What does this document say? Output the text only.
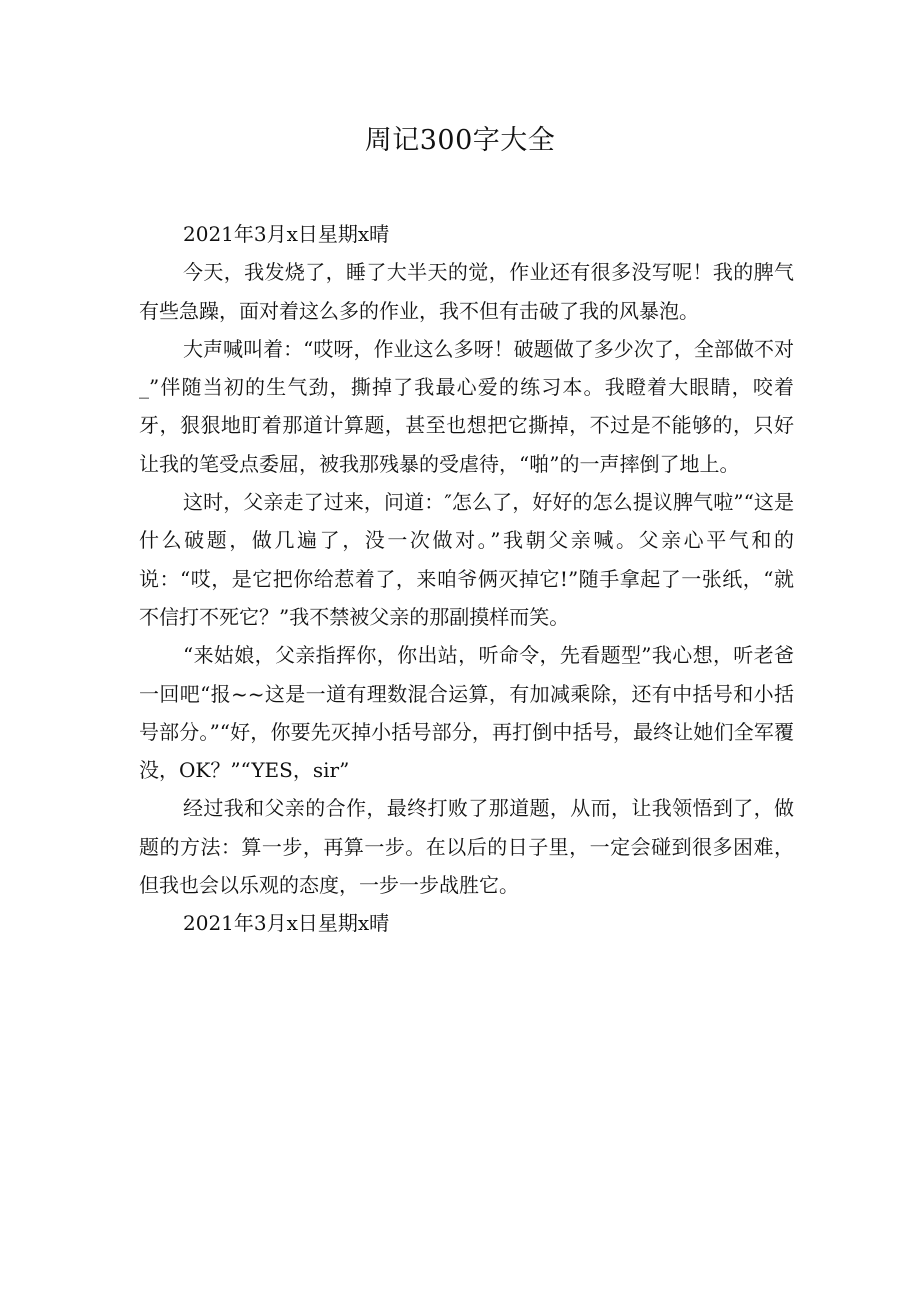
周记300字大全

2021年3月x日星期x晴

今天，我发烧了，睡了大半天的觉，作业还有很多没写呢！我的脾气有些急躁，面对着这么多的作业，我不但有击破了我的风暴泡。

大声喊叫着：“哎呀，作业这么多呀！破题做了多少次了，全部做不对_”伴随当初的生气劲，撕掉了我最心爱的练习本。我瞪着大眼睛，咬着牙，狠狠地盯着那道计算题，甚至也想把它撕掉，不过是不能够的，只好让我的笔受点委屈，被我那残暴的受虐待，“啪”的一声摔倒了地上。

这时，父亲走了过来，问道：″怎么了，好好的怎么提议脾气啦”“这是什么破题，做几遍了，没一次做对。”我朝父亲喊。父亲心平气和的说：“哎，是它把你给惹着了，来咱爷俩灭掉它!”随手拿起了一张纸，“就不信打不死它？”我不禁被父亲的那副摸样而笑。

“来姑娘，父亲指挥你，你出站，听命令，先看题型”我心想，听老爸一回吧“报~~这是一道有理数混合运算，有加减乘除，还有中括号和小括号部分。”“好，你要先灭掉小括号部分，再打倒中括号，最终让她们全军覆没，OK？”“YES，sir”

经过我和父亲的合作，最终打败了那道题，从而，让我领悟到了，做题的方法：算一步，再算一步。在以后的日子里，一定会碰到很多困难，但我也会以乐观的态度，一步一步战胜它。

2021年3月x日星期x晴
